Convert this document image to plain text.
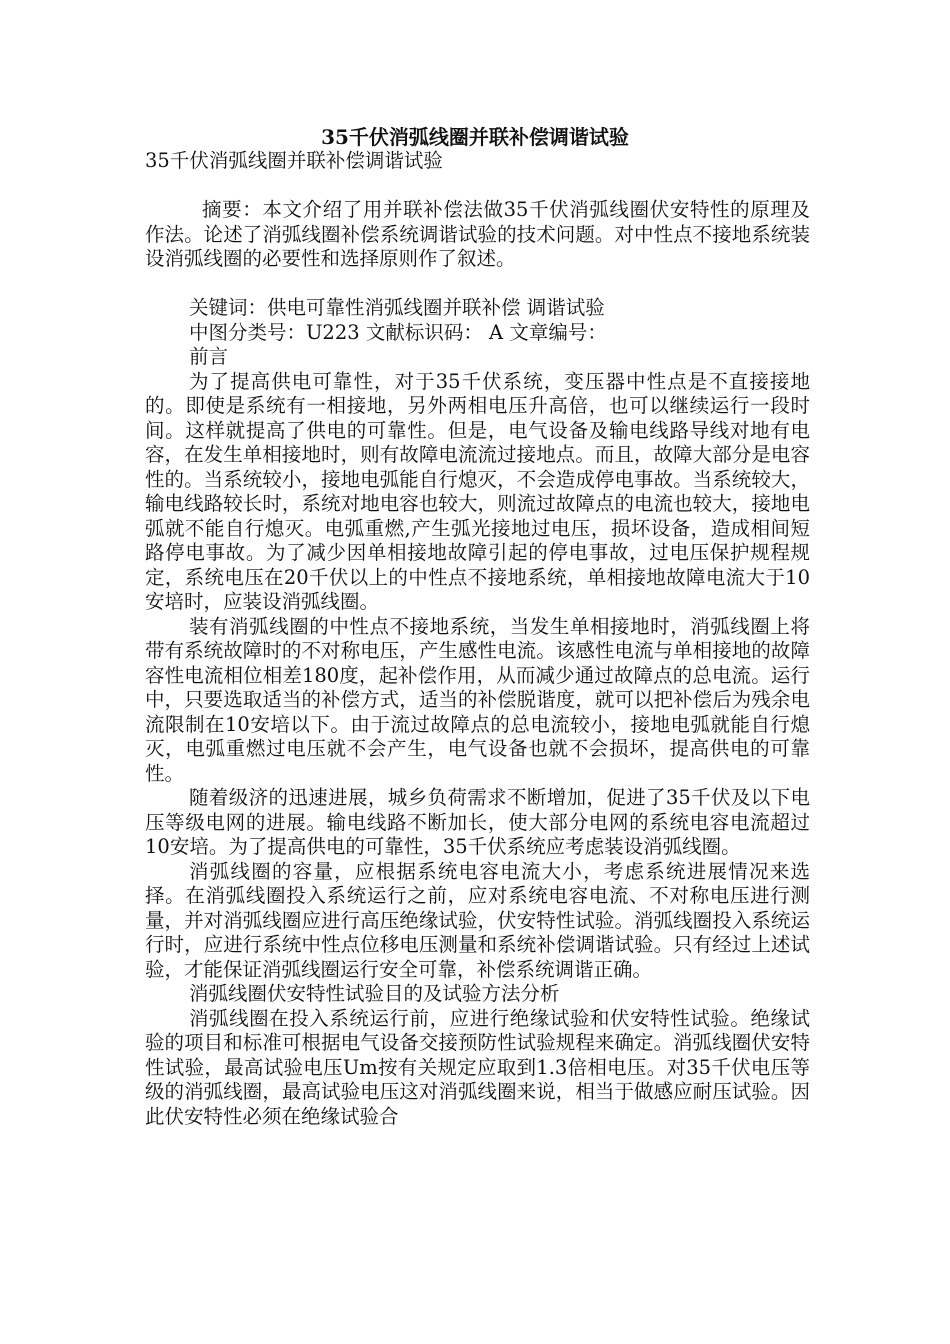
35千伏消弧线圈并联补偿调谐试验

35千伏消弧线圈并联补偿调谐试验

摘要：本文介绍了用并联补偿法做35千伏消弧线圈伏安特性的原理及作法。论述了消弧线圈补偿系统调谐试验的技术问题。对中性点不接地系统装设消弧线圈的必要性和选择原则作了叙述。

关键词：供电可靠性消弧线圈并联补偿 调谐试验

中图分类号：U223 文献标识码： A 文章编号：

前言

为了提高供电可靠性，对于35千伏系统，变压器中性点是不直接接地的。即使是系统有一相接地，另外两相电压升高倍，也可以继续运行一段时间。这样就提高了供电的可靠性。但是，电气设备及输电线路导线对地有电容，在发生单相接地时，则有故障电流流过接地点。而且，故障大部分是电容性的。当系统较小，接地电弧能自行熄灭，不会造成停电事故。当系统较大，输电线路较长时，系统对地电容也较大，则流过故障点的电流也较大，接地电弧就不能自行熄灭。电弧重燃,产生弧光接地过电压，损坏设备，造成相间短路停电事故。为了减少因单相接地故障引起的停电事故，过电压保护规程规定，系统电压在20千伏以上的中性点不接地系统，单相接地故障电流大于10安培时，应装设消弧线圈。

装有消弧线圈的中性点不接地系统，当发生单相接地时，消弧线圈上将带有系统故障时的不对称电压，产生感性电流。该感性电流与单相接地的故障容性电流相位相差180度，起补偿作用，从而减少通过故障点的总电流。运行中，只要选取适当的补偿方式，适当的补偿脱谐度，就可以把补偿后为残余电流限制在10安培以下。由于流过故障点的总电流较小，接地电弧就能自行熄灭，电弧重燃过电压就不会产生，电气设备也就不会损坏，提高供电的可靠性。

随着级济的迅速进展，城乡负荷需求不断增加，促进了35千伏及以下电压等级电网的进展。输电线路不断加长，使大部分电网的系统电容电流超过10安培。为了提高供电的可靠性，35千伏系统应考虑装设消弧线圈。

消弧线圈的容量，应根据系统电容电流大小，考虑系统进展情况来选择。在消弧线圈投入系统运行之前，应对系统电容电流、不对称电压进行测量，并对消弧线圈应进行高压绝缘试验，伏安特性试验。消弧线圈投入系统运行时，应进行系统中性点位移电压测量和系统补偿调谐试验。只有经过上述试验，才能保证消弧线圈运行安全可靠，补偿系统调谐正确。

消弧线圈伏安特性试验目的及试验方法分析

消弧线圈在投入系统运行前，应进行绝缘试验和伏安特性试验。绝缘试验的项目和标准可根据电气设备交接预防性试验规程来确定。消弧线圈伏安特性试验，最高试验电压Um按有关规定应取到1.3倍相电压。对35千伏电压等级的消弧线圈，最高试验电压这对消弧线圈来说，相当于做感应耐压试验。因此伏安特性必须在绝缘试验合
